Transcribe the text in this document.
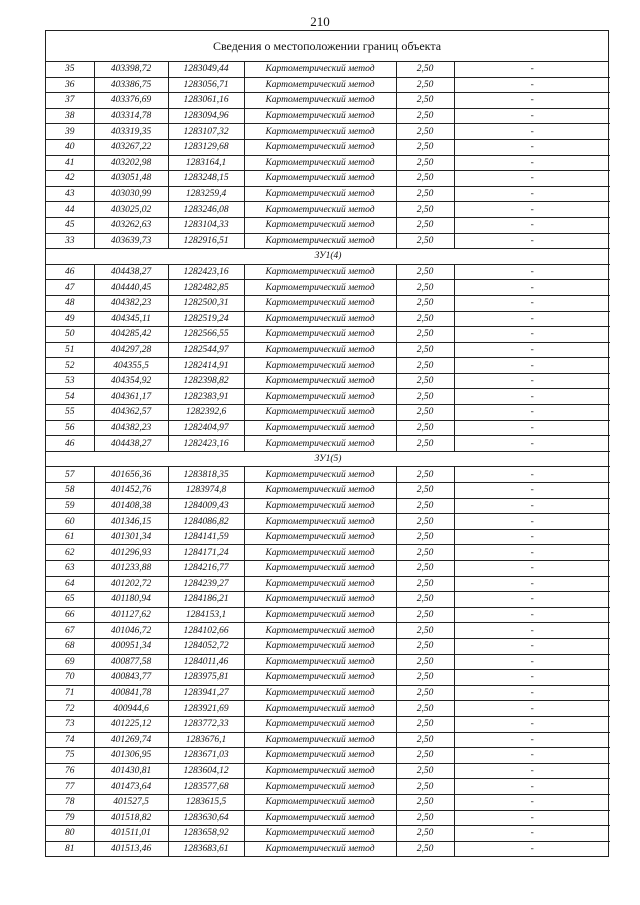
210
Сведения о местоположении границ объекта
35	403398,72	1283049,44	Картометрический метод	2,50	-
36	403386,75	1283056,71	Картометрический метод	2,50	-
37	403376,69	1283061,16	Картометрический метод	2,50	-
38	403314,78	1283094,96	Картометрический метод	2,50	-
39	403319,35	1283107,32	Картометрический метод	2,50	-
40	403267,22	1283129,68	Картометрический метод	2,50	-
41	403202,98	1283164,1	Картометрический метод	2,50	-
42	403051,48	1283248,15	Картометрический метод	2,50	-
43	403030,99	1283259,4	Картометрический метод	2,50	-
44	403025,02	1283246,08	Картометрический метод	2,50	-
45	403262,63	1283104,33	Картометрический метод	2,50	-
33	403639,73	1282916,51	Картометрический метод	2,50	-
ЗУ1(4)					
46	404438,27	1282423,16	Картометрический метод	2,50	-
47	404440,45	1282482,85	Картометрический метод	2,50	-
48	404382,23	1282500,31	Картометрический метод	2,50	-
49	404345,11	1282519,24	Картометрический метод	2,50	-
50	404285,42	1282566,55	Картометрический метод	2,50	-
51	404297,28	1282544,97	Картометрический метод	2,50	-
52	404355,5	1282414,91	Картометрический метод	2,50	-
53	404354,92	1282398,82	Картометрический метод	2,50	-
54	404361,17	1282383,91	Картометрический метод	2,50	-
55	404362,57	1282392,6	Картометрический метод	2,50	-
56	404382,23	1282404,97	Картометрический метод	2,50	-
46	404438,27	1282423,16	Картометрический метод	2,50	-
ЗУ1(5)					
57	401656,36	1283818,35	Картометрический метод	2,50	-
58	401452,76	1283974,8	Картометрический метод	2,50	-
59	401408,38	1284009,43	Картометрический метод	2,50	-
60	401346,15	1284086,82	Картометрический метод	2,50	-
61	401301,34	1284141,59	Картометрический метод	2,50	-
62	401296,93	1284171,24	Картометрический метод	2,50	-
63	401233,88	1284216,77	Картометрический метод	2,50	-
64	401202,72	1284239,27	Картометрический метод	2,50	-
65	401180,94	1284186,21	Картометрический метод	2,50	-
66	401127,62	1284153,1	Картометрический метод	2,50	-
67	401046,72	1284102,66	Картометрический метод	2,50	-
68	400951,34	1284052,72	Картометрический метод	2,50	-
69	400877,58	1284011,46	Картометрический метод	2,50	-
70	400843,77	1283975,81	Картометрический метод	2,50	-
71	400841,78	1283941,27	Картометрический метод	2,50	-
72	400944,6	1283921,69	Картометрический метод	2,50	-
73	401225,12	1283772,33	Картометрический метод	2,50	-
74	401269,74	1283676,1	Картометрический метод	2,50	-
75	401306,95	1283671,03	Картометрический метод	2,50	-
76	401430,81	1283604,12	Картометрический метод	2,50	-
77	401473,64	1283577,68	Картометрический метод	2,50	-
78	401527,5	1283615,5	Картометрический метод	2,50	-
79	401518,82	1283630,64	Картометрический метод	2,50	-
80	401511,01	1283658,92	Картометрический метод	2,50	-
81	401513,46	1283683,61	Картометрический метод	2,50	-
